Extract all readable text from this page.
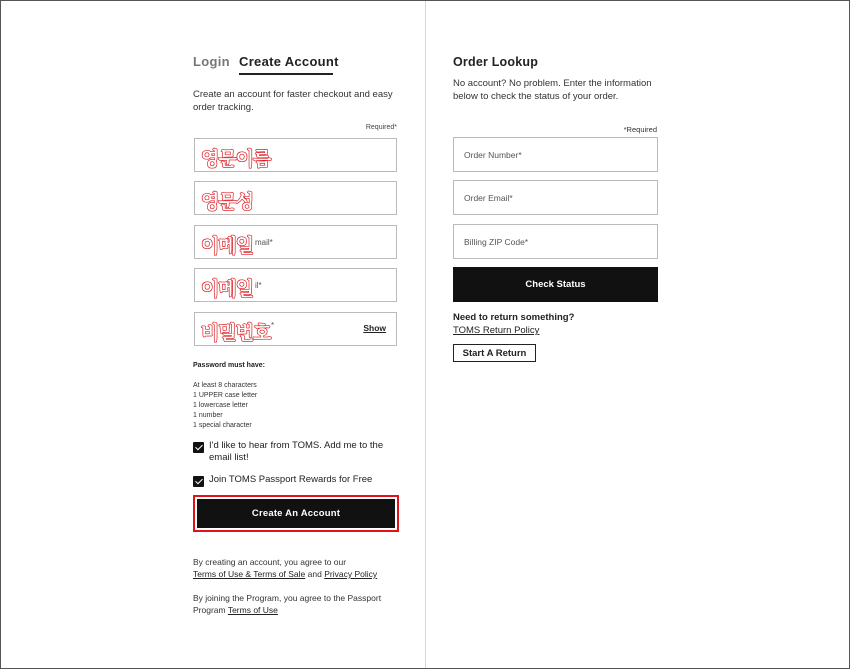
Login Create Account
Create an account for faster checkout and easy order tracking.
Required*
영문이름
영문성
이메일 mail*
이메일 il*
비밀번호 *	Show
Password must have:
At least 8 characters
1 UPPER case letter
1 lowercase letter
1 number
1 special character
I'd like to hear from TOMS. Add me to the email list!
Join TOMS Passport Rewards for Free
Create An Account
By creating an account, you agree to our
Terms of Use & Terms of Sale and Privacy Policy
By joining the Program, you agree to the Passport Program Terms of Use
Order Lookup
No account? No problem. Enter the information below to check the status of your order.
*Required
Order Number*
Order Email*
Billing ZIP Code*
Check Status
Need to return something?
TOMS Return Policy
Start A Return
